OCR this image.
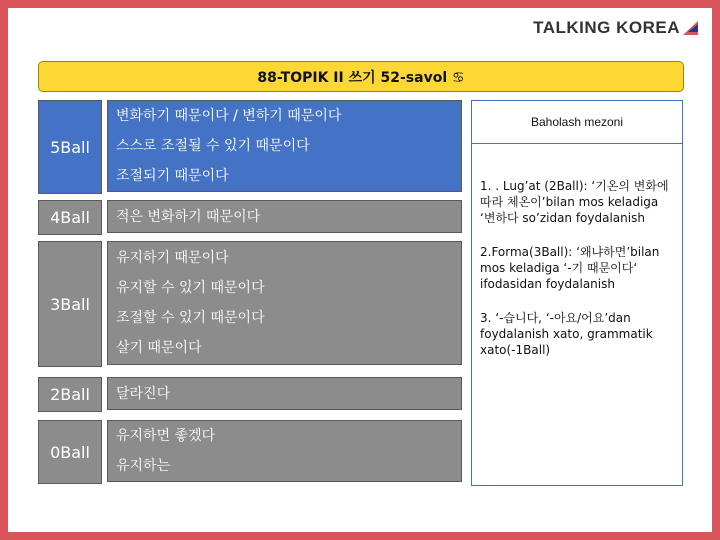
TALKING KOREA
88-TOPIK II 쓰기 52-savol ♋
5Ball
변화하기 때문이다 / 변하기 때문이다
스스로 조절될 수 있기 때문이다
조절되기 때문이다
4Ball	적은 변화하기 때문이다
3Ball
유지하기 때문이다
유지할 수 있기 때문이다
조절할 수 있기 때문이다
살기 때문이다
2Ball	달라진다
0Ball
유지하면 좋겠다
유지하는
Baholash mezoni

1. . Lug’at (2Ball): ‘기온의 변화에 따라 체온이’bilan mos keladiga ‘변하다 so’zidan foydalanish

2.Forma(3Ball): ‘왜냐하면’bilan mos keladiga ‘-기 때문이다‘ ifodasidan foydalanish

3. ‘-습니다, ‘-아요/어요’dan foydalanish xato, grammatik xato(-1Ball)
